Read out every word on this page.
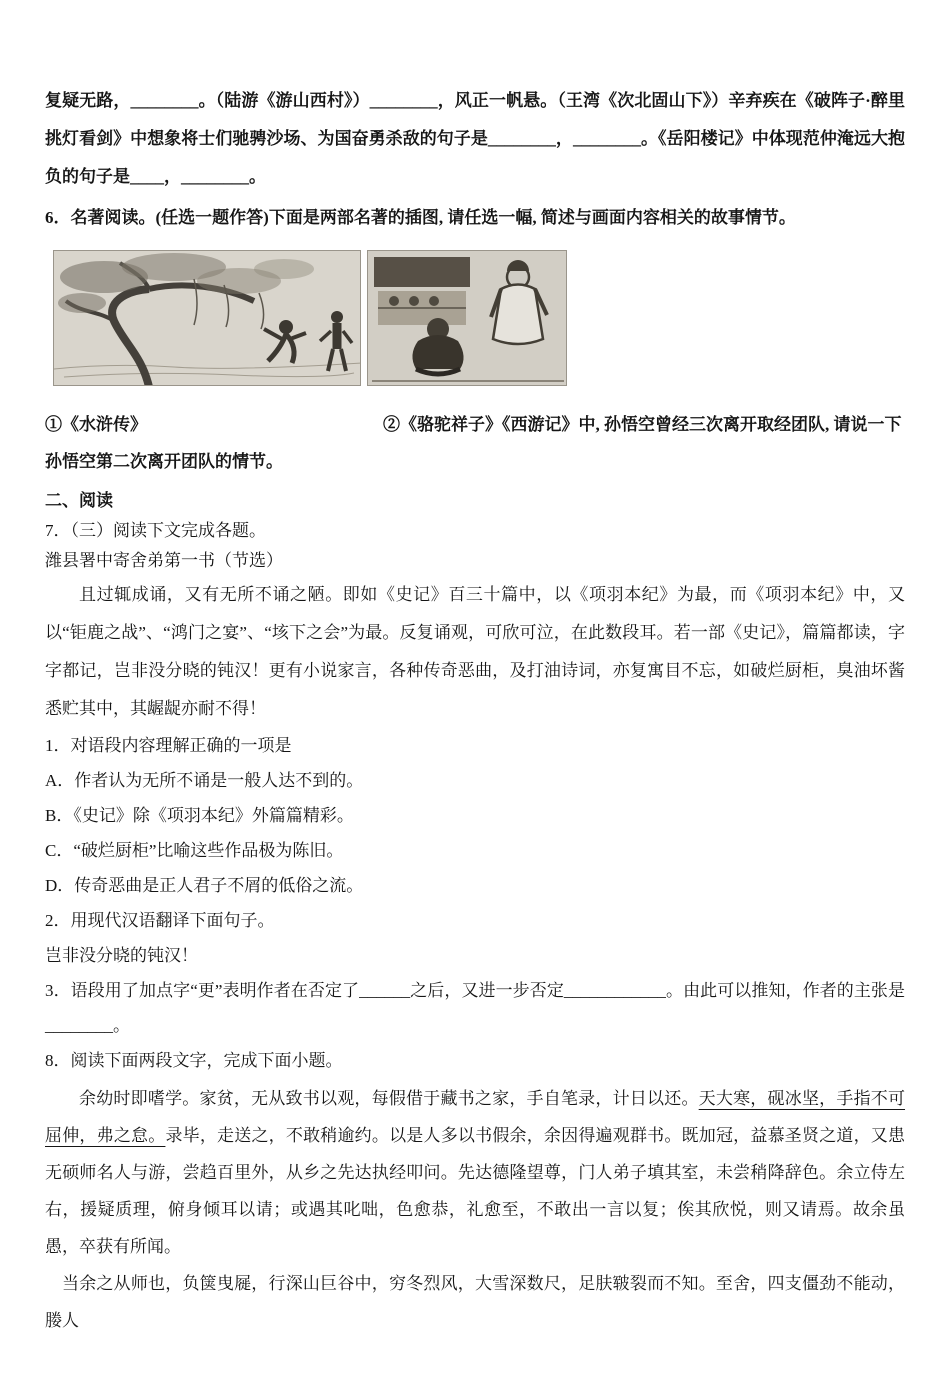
复疑无路，________。（陆游《游山西村》）________，风正一帆悬。（王湾《次北固山下》）辛弃疾在《破阵子·醉里挑灯看剑》中想象将士们驰骋沙场、为国奋勇杀敌的句子是________，________。《岳阳楼记》中体现范仲淹远大抱负的句子是____，________。

6．名著阅读。(任选一题作答)下面是两部名著的插图, 请任选一幅, 简述与画面内容相关的故事情节。

①《水浒传》	②《骆驼祥子》《西游记》中, 孙悟空曾经三次离开取经团队, 请说一下孙悟空第二次离开团队的情节。

二、阅读

7．（三）阅读下文完成各题。

潍县署中寄舍弟第一书（节选）

且过辄成诵，又有无所不诵之陋。即如《史记》百三十篇中，以《项羽本纪》为最，而《项羽本纪》中，又以“钜鹿之战”、“鸿门之宴”、“垓下之会”为最。反复诵观，可欣可泣，在此数段耳。若一部《史记》，篇篇都读，字字都记，岂非没分晓的钝汉！更有小说家言，各种传奇恶曲，及打油诗词，亦复寓目不忘，如破烂厨柜，臭油坏酱悉贮其中，其龌龊亦耐不得！

1．对语段内容理解正确的一项是

A．作者认为无所不诵是一般人达不到的。

B．《史记》除《项羽本纪》外篇篇精彩。

C．“破烂厨柜”比喻这些作品极为陈旧。

D．传奇恶曲是正人君子不屑的低俗之流。

2．用现代汉语翻译下面句子。

岂非没分晓的钝汉！

3．语段用了加点字“更”表明作者在否定了______之后，又进一步否定____________。由此可以推知，作者的主张是________。

8．阅读下面两段文字，完成下面小题。

余幼时即嗜学。家贫，无从致书以观，每假借于藏书之家，手自笔录，计日以还。天大寒，砚冰坚，手指不可屈伸，弗之怠。录毕，走送之，不敢稍逾约。以是人多以书假余，余因得遍观群书。既加冠，益慕圣贤之道，又患无硕师名人与游，尝趋百里外，从乡之先达执经叩问。先达德隆望尊，门人弟子填其室，未尝稍降辞色。余立侍左右，援疑质理，俯身倾耳以请；或遇其叱咄，色愈恭，礼愈至，不敢出一言以复；俟其欣悦，则又请焉。故余虽愚，卒获有所闻。

当余之从师也，负箧曳屣，行深山巨谷中，穷冬烈风，大雪深数尺，足肤皲裂而不知。至舍，四支僵劲不能动，媵人
